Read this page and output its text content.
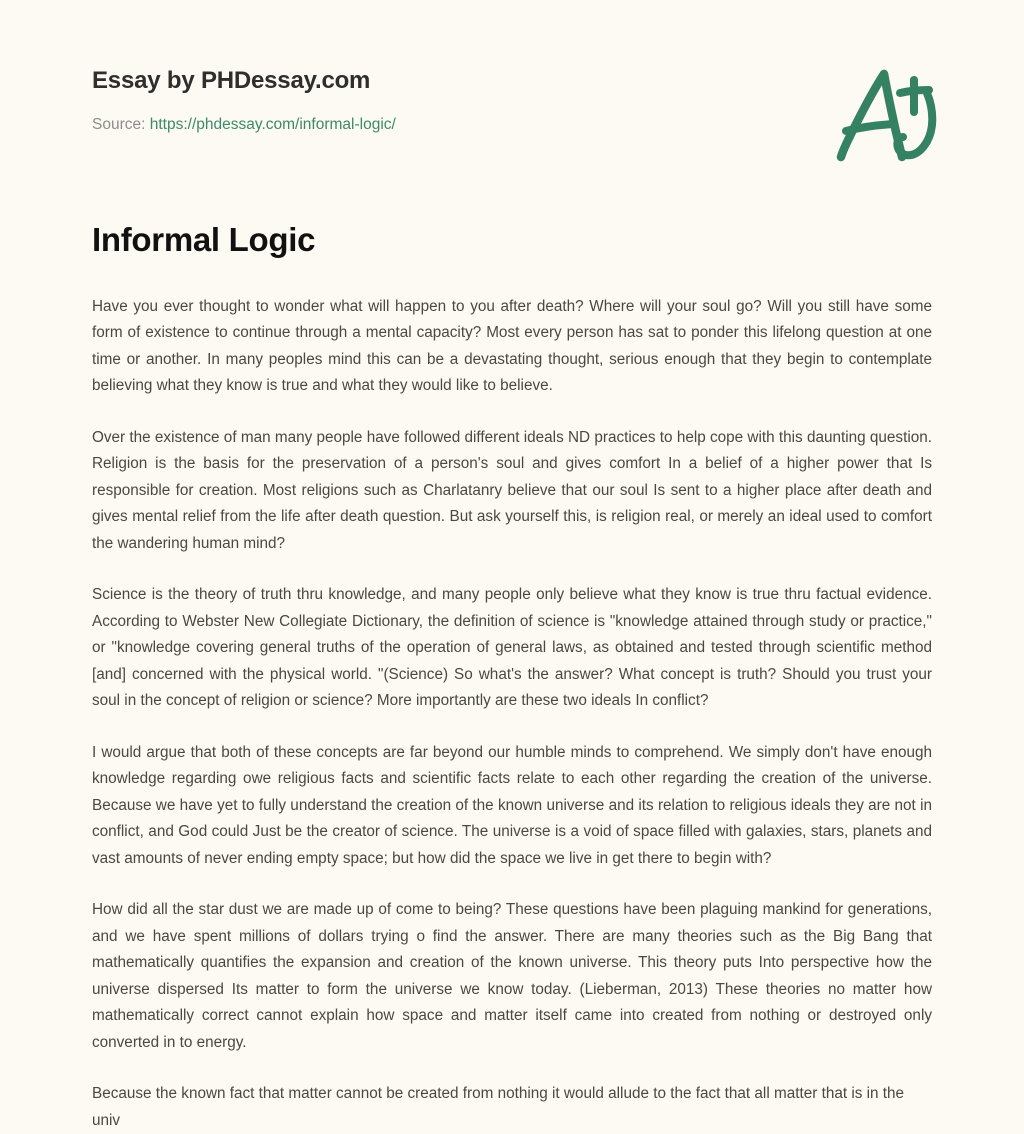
Essay by PHDessay.com
Source: https://phdessay.com/informal-logic/
Informal Logic

Have you ever thought to wonder what will happen to you after death? Where will your soul go? Will you still have some form of existence to continue through a mental capacity? Most every person has sat to ponder this lifelong question at one time or another. In many peoples mind this can be a devastating thought, serious enough that they begin to contemplate believing what they know is true and what they would like to believe.

Over the existence of man many people have followed different ideals ND practices to help cope with this daunting question. Religion is the basis for the preservation of a person's soul and gives comfort In a belief of a higher power that Is responsible for creation. Most religions such as Charlatanry believe that our soul Is sent to a higher place after death and gives mental relief from the life after death question. But ask yourself this, is religion real, or merely an ideal used to comfort the wandering human mind?

Science is the theory of truth thru knowledge, and many people only believe what they know is true thru factual evidence. According to Webster New Collegiate Dictionary, the definition of science is "knowledge attained through study or practice," or "knowledge covering general truths of the operation of general laws, as obtained and tested through scientific method [and] concerned with the physical world. "(Science) So what's the answer? What concept is truth? Should you trust your soul in the concept of religion or science? More importantly are these two ideals In conflict?

I would argue that both of these concepts are far beyond our humble minds to comprehend. We simply don't have enough knowledge regarding owe religious facts and scientific facts relate to each other regarding the creation of the universe. Because we have yet to fully understand the creation of the known universe and its relation to religious ideals they are not in conflict, and God could Just be the creator of science. The universe is a void of space filled with galaxies, stars, planets and vast amounts of never ending empty space; but how did the space we live in get there to begin with?

How did all the star dust we are made up of come to being? These questions have been plaguing mankind for generations, and we have spent millions of dollars trying o find the answer. There are many theories such as the Big Bang that mathematically quantifies the expansion and creation of the known universe. This theory puts Into perspective how the universe dispersed Its matter to form the universe we know today. (Lieberman, 2013) These theories no matter how mathematically correct cannot explain how space and matter itself came into created from nothing or destroyed only converted in to energy.

Because the known fact that matter cannot be created from nothing it would allude to the fact that all matter that is in the univ
